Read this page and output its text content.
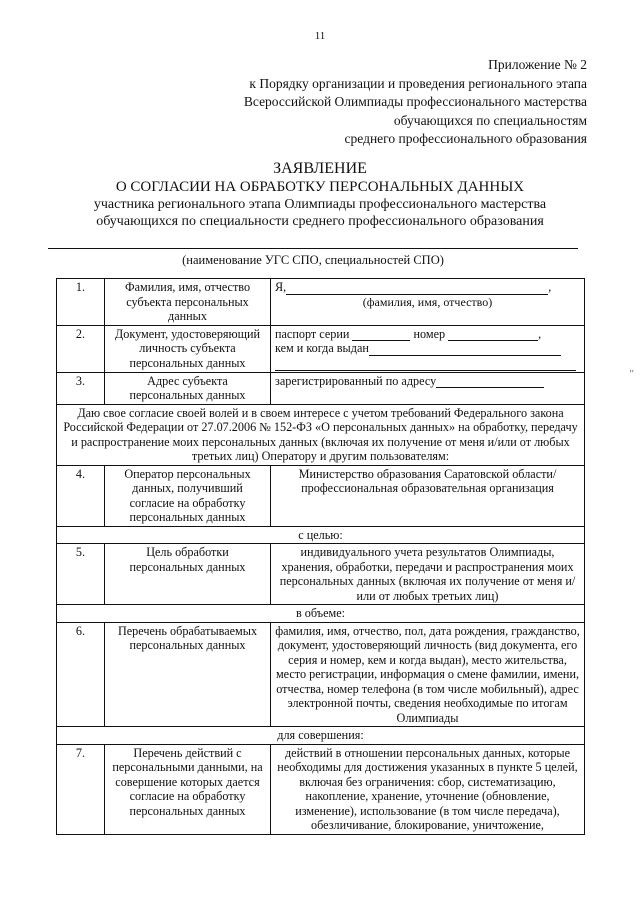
11
Приложение № 2
к Порядку организации и проведения регионального этапа
Всероссийской Олимпиады профессионального мастерства
обучающихся по специальностям
среднего профессионального образования
ЗАЯВЛЕНИЕ
О СОГЛАСИИ НА ОБРАБОТКУ ПЕРСОНАЛЬНЫХ ДАННЫХ
участника регионального этапа Олимпиады профессионального мастерства
обучающихся по специальности среднего профессионального образования
(наименование УГС СПО, специальностей СПО)
"
1.	Фамилия, имя, отчество субъекта персональных данных	Я, ,
(фамилия, имя, отчество)

2.	Документ, удостоверяющий личность субъекта персональных данных	паспорт серии номер ,
кем и когда выдан

3.	Адрес субъекта персональных данных	зарегистрированный по адресу
Даю свое согласие своей волей и в своем интересе с учетом требований Федерального закона Российской Федерации от 27.07.2006 № 152-ФЗ «О персональных данных» на обработку, передачу и распространение моих персональных данных (включая их получение от меня и/или от любых третьих лиц) Оператору и другим пользователям:		
4.	Оператор персональных данных, получивший согласие на обработку персональных данных	Министерство образования Саратовской области/профессиональная образовательная организация
с целью:		
5.	Цель обработки персональных данных	индивидуального учета результатов Олимпиады, хранения, обработки, передачи и распространения моих персональных данных (включая их получение от меня и/или от любых третьих лиц)
в объеме:		
6.	Перечень обрабатываемых персональных данных	фамилия, имя, отчество, пол, дата рождения, гражданство, документ, удостоверяющий личность (вид документа, его серия и номер, кем и когда выдан), место жительства, место регистрации, информация о смене фамилии, имени, отчества, номер телефона (в том числе мобильный), адрес электронной почты, сведения необходимые по итогам Олимпиады
для совершения:		
7.	Перечень действий с персональными данными, на совершение которых дается согласие на обработку персональных данных	действий в отношении персональных данных, которые необходимы для достижения указанных в пункте 5 целей, включая без ограничения: сбор, систематизацию, накопление, хранение, уточнение (обновление, изменение), использование (в том числе передача), обезличивание, блокирование, уничтожение,
